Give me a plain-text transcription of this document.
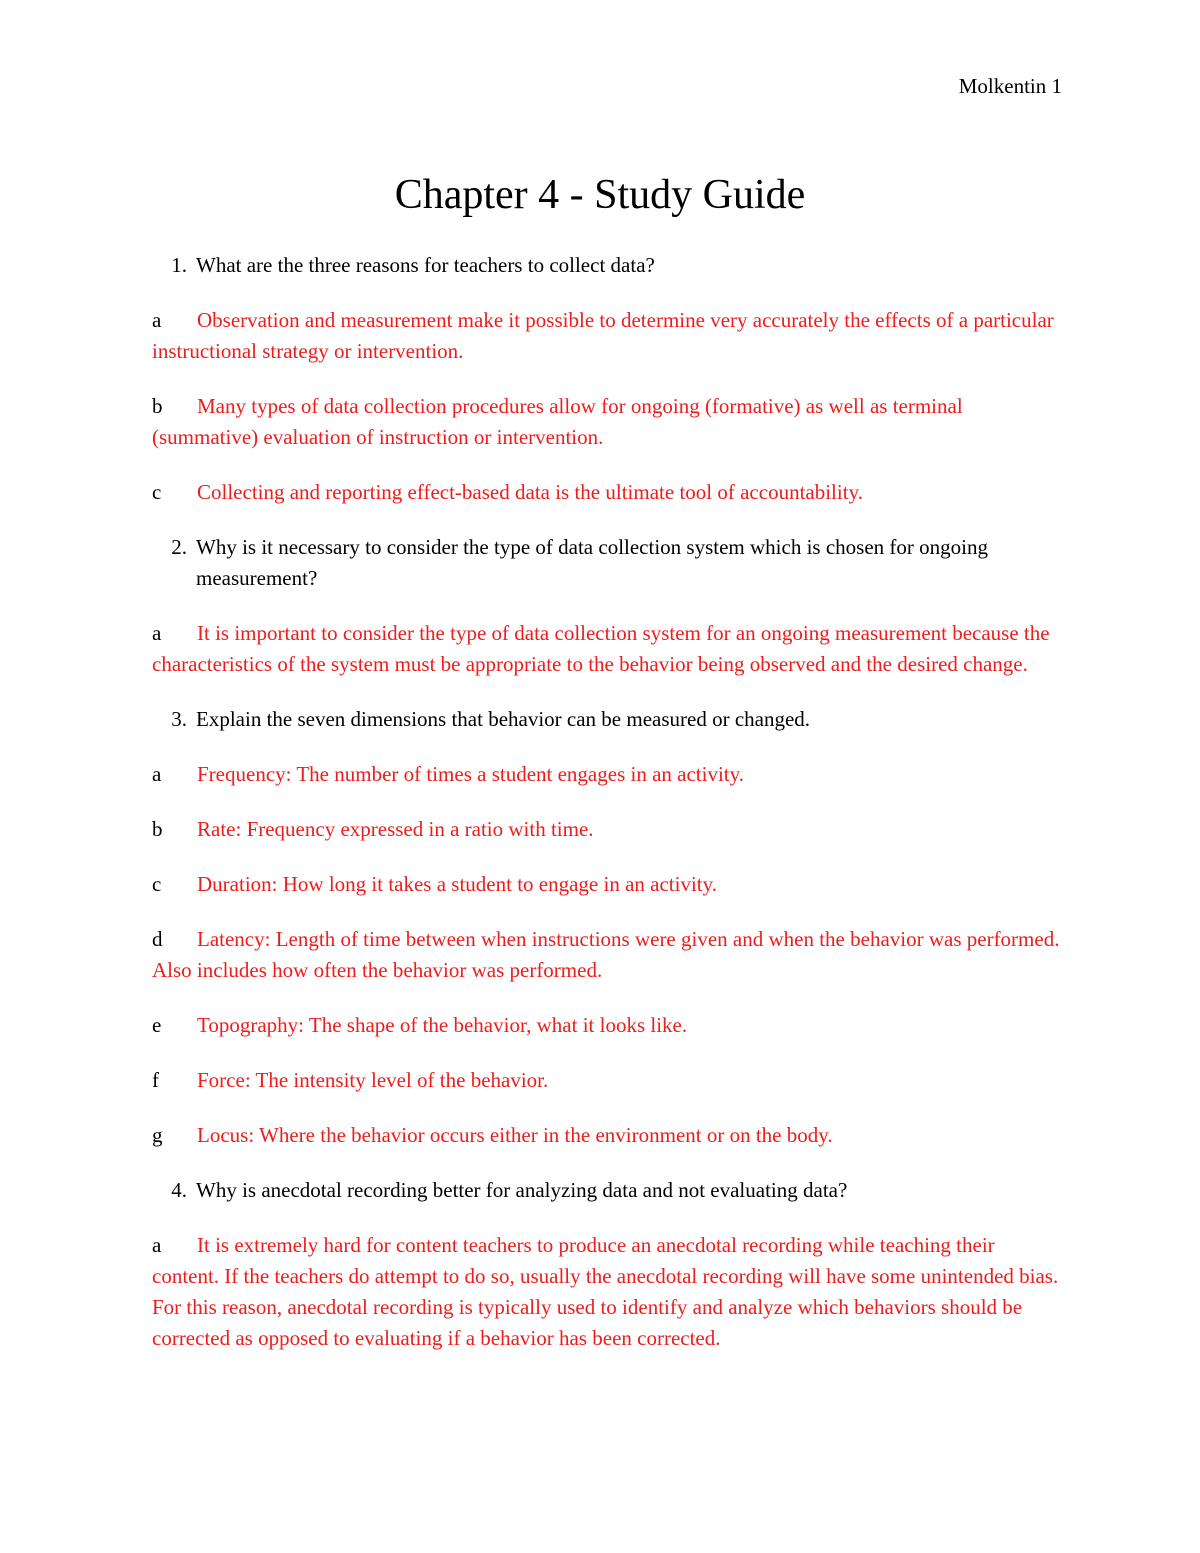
Molkentin 1
Chapter 4 - Study Guide
1. What are the three reasons for teachers to collect data?
a Observation and measurement make it possible to determine very accurately the effects of a particular instructional strategy or intervention.
b Many types of data collection procedures allow for ongoing (formative) as well as terminal (summative) evaluation of instruction or intervention.
c Collecting and reporting effect-based data is the ultimate tool of accountability.
2. Why is it necessary to consider the type of data collection system which is chosen for ongoing measurement?
a It is important to consider the type of data collection system for an ongoing measurement because the characteristics of the system must be appropriate to the behavior being observed and the desired change.
3. Explain the seven dimensions that behavior can be measured or changed.
a Frequency: The number of times a student engages in an activity.
b Rate: Frequency expressed in a ratio with time.
c Duration: How long it takes a student to engage in an activity.
d Latency: Length of time between when instructions were given and when the behavior was performed. Also includes how often the behavior was performed.
e Topography: The shape of the behavior, what it looks like.
f Force: The intensity level of the behavior.
g Locus: Where the behavior occurs either in the environment or on the body.
4. Why is anecdotal recording better for analyzing data and not evaluating data?
a It is extremely hard for content teachers to produce an anecdotal recording while teaching their content. If the teachers do attempt to do so, usually the anecdotal recording will have some unintended bias. For this reason, anecdotal recording is typically used to identify and analyze which behaviors should be corrected as opposed to evaluating if a behavior has been corrected.
